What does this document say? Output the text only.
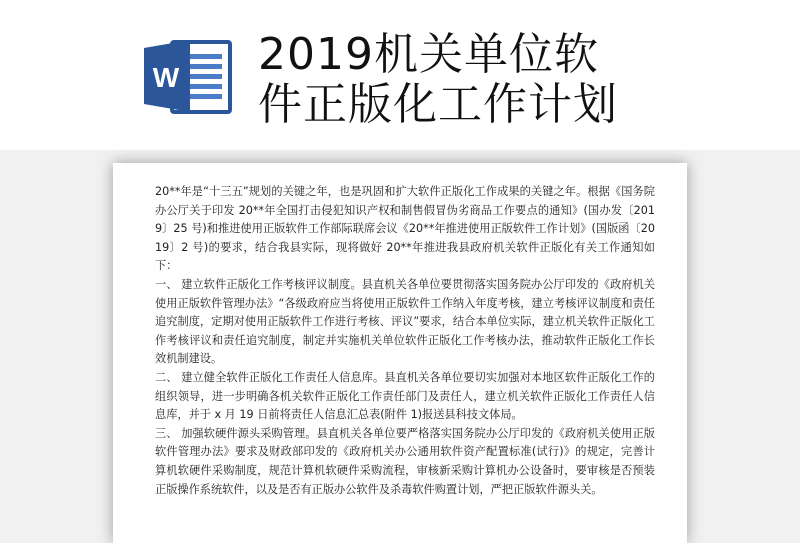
W 2019机关单位软
件正版化工作计划

20**年是“十三五”规划的关键之年，也是巩固和扩大软件正版化工作成果的关键之年。根据《国务院办公厅关于印发 20**年全国打击侵犯知识产权和制售假冒伪劣商品工作要点的通知》(国办发〔2019〕25 号)和推进使用正版软件工作部际联席会议《20**年推进使用正版软件工作计划》(国版函〔2019〕2 号)的要求，结合我县实际，现将做好 20**年推进我县政府机关软件正版化有关工作通知如下：

一、 建立软件正版化工作考核评议制度。县直机关各单位要贯彻落实国务院办公厅印发的《政府机关使用正版软件管理办法》“各级政府应当将使用正版软件工作纳入年度考核，建立考核评议制度和责任追究制度，定期对使用正版软件工作进行考核、评议”要求，结合本单位实际，建立机关软件正版化工作考核评议和责任追究制度，制定并实施机关单位软件正版化工作考核办法，推动软件正版化工作长效机制建设。

二、 建立健全软件正版化工作责任人信息库。县直机关各单位要切实加强对本地区软件正版化工作的组织领导，进一步明确各机关软件正版化工作责任部门及责任人，建立机关软件正版化工作责任人信息库，并于 x 月 19 日前将责任人信息汇总表(附件 1)报送县科技文体局。

三、 加强软硬件源头采购管理。县直机关各单位要严格落实国务院办公厅印发的《政府机关使用正版软件管理办法》要求及财政部印发的《政府机关办公通用软件资产配置标准(试行)》的规定，完善计算机软硬件采购制度，规范计算机软硬件采购流程，审核新采购计算机办公设备时，要审核是否预装正版操作系统软件，以及是否有正版办公软件及杀毒软件购置计划，严把正版软件源头关。
